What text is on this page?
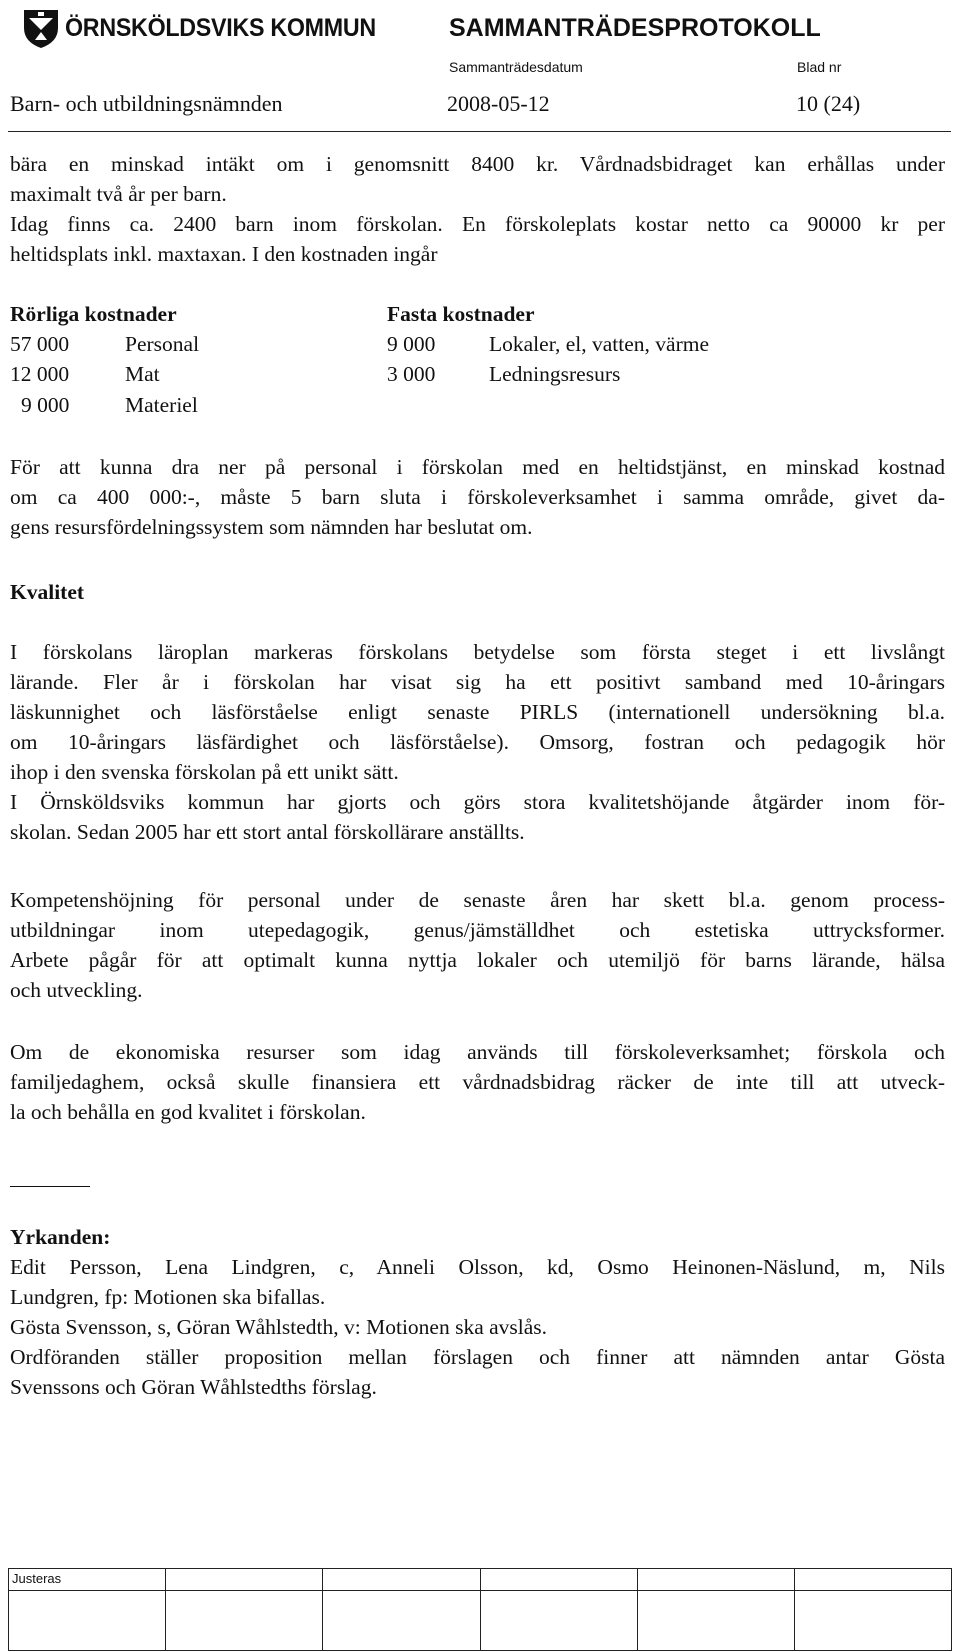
ÖRNSKÖLDSVIKS KOMMUN	SAMMANTRÄDESPROTOKOLL
Sammanträdesdatum	Blad nr
Barn- och utbildningsnämnden	2008-05-12	10 (24)
bära en minskad intäkt om i genomsnitt 8400 kr. Vårdnadsbidraget kan erhållas under
maximalt två år per barn.
Idag finns ca. 2400 barn inom förskolan. En förskoleplats kostar netto ca 90000 kr per
heltidsplats inkl. maxtaxan. I den kostnaden ingår
Rörliga kostnader	Fasta kostnader
57 000	Personal	9 000 Lokaler, el, vatten, värme
12 000	Mat	3 000 Ledningsresurs
9 000	Materiel
För att kunna dra ner på personal i förskolan med en heltidstjänst, en minskad kostnad
om ca 400 000:-, måste 5 barn sluta i förskoleverksamhet i samma område, givet da-
gens resursfördelningssystem som nämnden har beslutat om.
Kvalitet
I förskolans läroplan markeras förskolans betydelse som första steget i ett livslångt
lärande. Fler år i förskolan har visat sig ha ett positivt samband med 10-åringars
läskunnighet och läsförståelse enligt senaste PIRLS (internationell undersökning bl.a.
om 10-åringars läsfärdighet och läsförståelse). Omsorg, fostran och pedagogik hör
ihop i den svenska förskolan på ett unikt sätt.
I Örnsköldsviks kommun har gjorts och görs stora kvalitetshöjande åtgärder inom för-
skolan. Sedan 2005 har ett stort antal förskollärare anställts.
Kompetenshöjning för personal under de senaste åren har skett bl.a. genom process-
utbildningar inom utepedagogik, genus/jämställdhet och estetiska uttrycksformer.
Arbete pågår för att optimalt kunna nyttja lokaler och utemiljö för barns lärande, hälsa
och utveckling.
Om de ekonomiska resurser som idag används till förskoleverksamhet; förskola och
familjedaghem, också skulle finansiera ett vårdnadsbidrag räcker de inte till att utveck-
la och behålla en god kvalitet i förskolan.
Yrkanden:
Edit Persson, Lena Lindgren, c, Anneli Olsson, kd, Osmo Heinonen-Näslund, m, Nils
Lundgren, fp: Motionen ska bifallas.
Gösta Svensson, s, Göran Wåhlstedth, v: Motionen ska avslås.
Ordföranden ställer proposition mellan förslagen och finner att nämnden antar Gösta
Svenssons och Göran Wåhlstedths förslag.
Justeras
